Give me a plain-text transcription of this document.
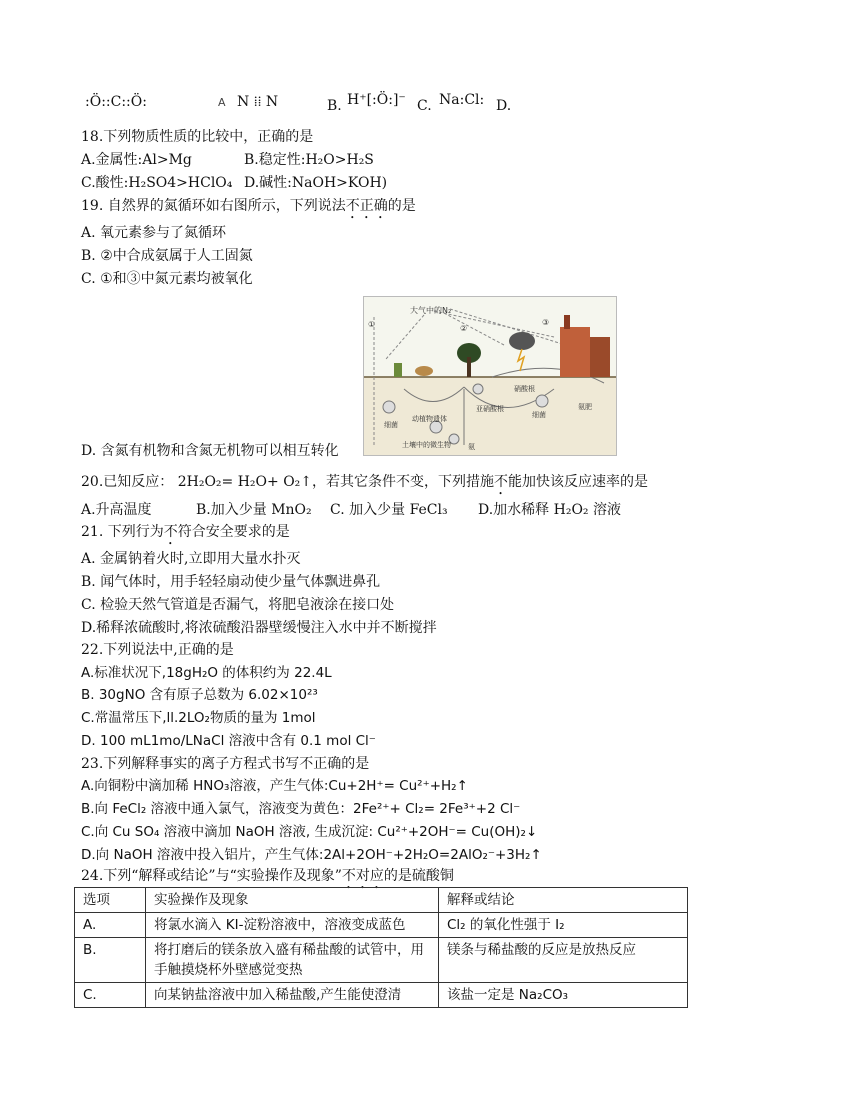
:Ö::C::Ö:	A N ⁞⁞ N	B. H⁺[:Ö:]⁻ C. Na:Cl: D.
18.下列物质性质的比较中，正确的是
A.金属性:Al>Mg	B.稳定性:H₂O>H₂S
C.酸性:H₂SO4>HClO₄ D.碱性:NaOH>KOH)
19. 自然界的氮循环如右图所示，下列说法不正确的是
A. 氧元素参与了氮循环
B. ②中合成氨属于人工固氮
C. ①和③中氮元素均被氧化
大气中的N₂
①	②
③
硝酸根
亚硝酸根
动植物遗体
细菌
细菌
氨肥
土壤中的微生物 氨
D. 含氮有机物和含氮无机物可以相互转化
20.已知反应： 2H₂O₂= H₂O+ O₂↑，若其它条件不变，下列措施不能加快该反应速率的是
A.升高温度	B.加入少量 MnO₂ C. 加入少量 FeCl₃ D.加水稀释 H₂O₂ 溶液
21. 下列行为不符合安全要求的是
A. 金属钠着火时,立即用大量水扑灭
B. 闻气体时，用手轻轻扇动使少量气体飘进鼻孔
C. 检验天然气管道是否漏气，将肥皂液涂在接口处
D.稀释浓硫酸时,将浓硫酸沿器壁缓慢注入水中并不断搅拌
22.下列说法中,正确的是
A.标准状况下,18gH₂O 的体积约为 22.4L
B. 30gNO 含有原子总数为 6.02×10²³
C.常温常压下,ll.2LO₂物质的量为 1mol
D. 100 mL1mo/LNaCl 溶液中含有 0.1 mol Cl⁻
23.下列解释事实的离子方程式书写不正确的是
A.向铜粉中滴加稀 HNO₃溶液，产生气体:Cu+2H⁺= Cu²⁺+H₂↑
B.向 FeCl₂ 溶液中通入氯气，溶液变为黄色：2Fe²⁺+ Cl₂= 2Fe³⁺+2 Cl⁻
C.向 Cu SO₄ 溶液中滴加 NaOH 溶液, 生成沉淀: Cu²⁺+2OH⁻= Cu(OH)₂↓
D.向 NaOH 溶液中投入铝片，产生气体:2Al+2OH⁻+2H₂O=2AlO₂⁻+3H₂↑
24.下列“解释或结论”与“实验操作及现象”不对应的是硫酸铜
选项	实验操作及现象	解释或结论
A.	将氯水滴入 KI-淀粉溶液中，溶液变成蓝色	Cl₂ 的氧化性强于 I₂
B.	将打磨后的镁条放入盛有稀盐酸的试管中，用手触摸烧杯外壁感觉变热	镁条与稀盐酸的反应是放热反应
C.	向某钠盐溶液中加入稀盐酸,产生能使澄清	该盐一定是 Na₂CO₃
